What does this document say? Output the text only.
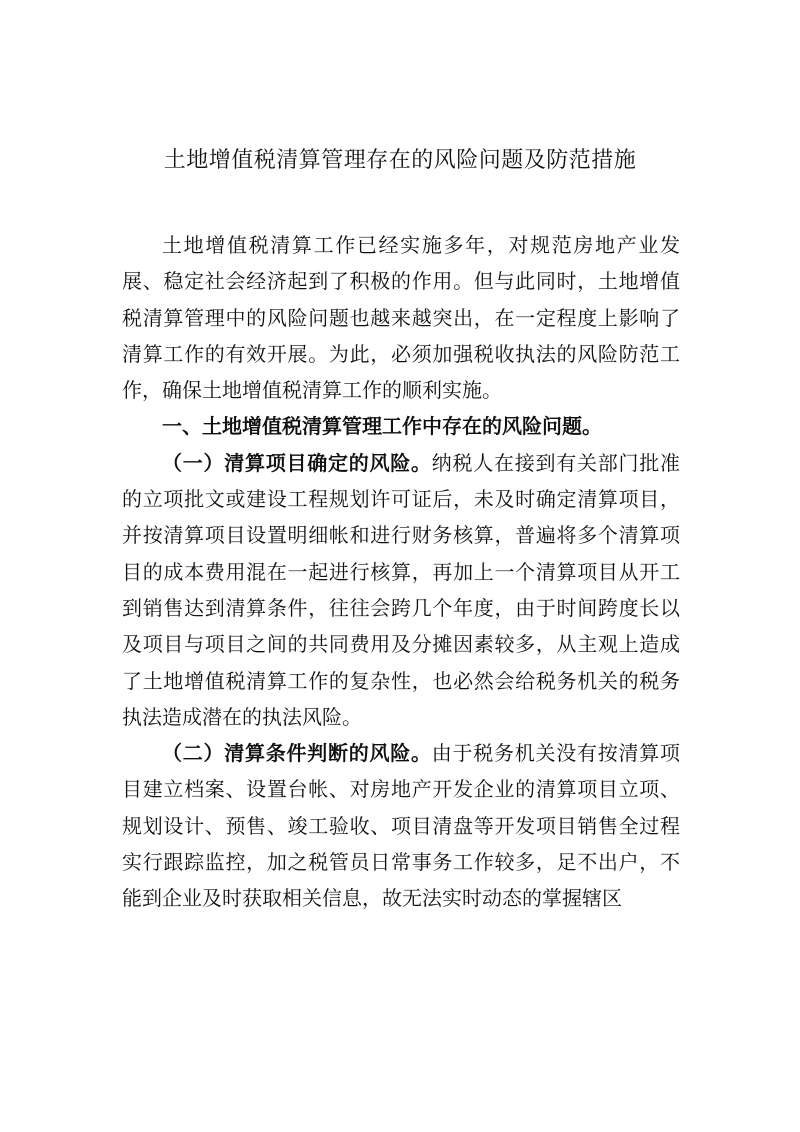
土地增值税清算管理存在的风险问题及防范措施

土地增值税清算工作已经实施多年，对规范房地产业发展、稳定社会经济起到了积极的作用。但与此同时，土地增值税清算管理中的风险问题也越来越突出，在一定程度上影响了清算工作的有效开展。为此，必须加强税收执法的风险防范工作，确保土地增值税清算工作的顺利实施。

一、土地增值税清算管理工作中存在的风险问题。

（一）清算项目确定的风险。纳税人在接到有关部门批准的立项批文或建设工程规划许可证后，未及时确定清算项目，并按清算项目设置明细帐和进行财务核算，普遍将多个清算项目的成本费用混在一起进行核算，再加上一个清算项目从开工到销售达到清算条件，往往会跨几个年度，由于时间跨度长以及项目与项目之间的共同费用及分摊因素较多，从主观上造成了土地增值税清算工作的复杂性，也必然会给税务机关的税务执法造成潜在的执法风险。

（二）清算条件判断的风险。由于税务机关没有按清算项目建立档案、设置台帐、对房地产开发企业的清算项目立项、规划设计、预售、竣工验收、项目清盘等开发项目销售全过程实行跟踪监控，加之税管员日常事务工作较多，足不出户，不能到企业及时获取相关信息，故无法实时动态的掌握辖区
